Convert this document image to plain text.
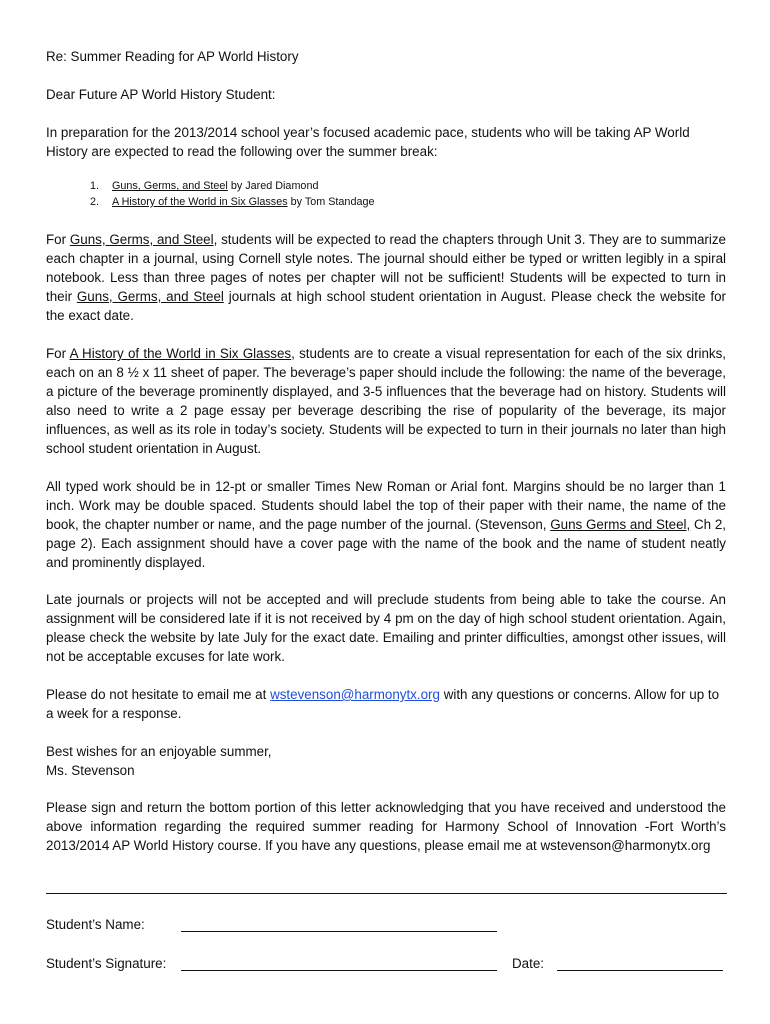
Re: Summer Reading for AP World History

Dear Future AP World History Student:

In preparation for the 2013/2014 school year’s focused academic pace, students who will be taking AP World History are expected to read the following over the summer break:

1. Guns, Germs, and Steel by Jared Diamond
2. A History of the World in Six Glasses by Tom Standage

For Guns, Germs, and Steel, students will be expected to read the chapters through Unit 3. They are to summarize each chapter in a journal, using Cornell style notes. The journal should either be typed or written legibly in a spiral notebook. Less than three pages of notes per chapter will not be sufficient! Students will be expected to turn in their Guns, Germs, and Steel journals at high school student orientation in August. Please check the website for the exact date.

For A History of the World in Six Glasses, students are to create a visual representation for each of the six drinks, each on an 8 ½ x 11 sheet of paper. The beverage’s paper should include the following: the name of the beverage, a picture of the beverage prominently displayed, and 3-5 influences that the beverage had on history. Students will also need to write a 2 page essay per beverage describing the rise of popularity of the beverage, its major influences, as well as its role in today’s society. Students will be expected to turn in their journals no later than high school student orientation in August.

All typed work should be in 12-pt or smaller Times New Roman or Arial font. Margins should be no larger than 1 inch. Work may be double spaced. Students should label the top of their paper with their name, the name of the book, the chapter number or name, and the page number of the journal. (Stevenson, Guns Germs and Steel, Ch 2, page 2). Each assignment should have a cover page with the name of the book and the name of student neatly and prominently displayed.

Late journals or projects will not be accepted and will preclude students from being able to take the course. An assignment will be considered late if it is not received by 4 pm on the day of high school student orientation. Again, please check the website by late July for the exact date. Emailing and printer difficulties, amongst other issues, will not be acceptable excuses for late work.

Please do not hesitate to email me at wstevenson@harmonytx.org with any questions or concerns. Allow for up to a week for a response.

Best wishes for an enjoyable summer,

Ms. Stevenson

Please sign and return the bottom portion of this letter acknowledging that you have received and understood the above information regarding the required summer reading for Harmony School of Innovation -Fort Worth’s 2013/2014 AP World History course. If you have any questions, please email me at wstevenson@harmonytx.org

Student’s Name:
Student’s Signature:	Date:
